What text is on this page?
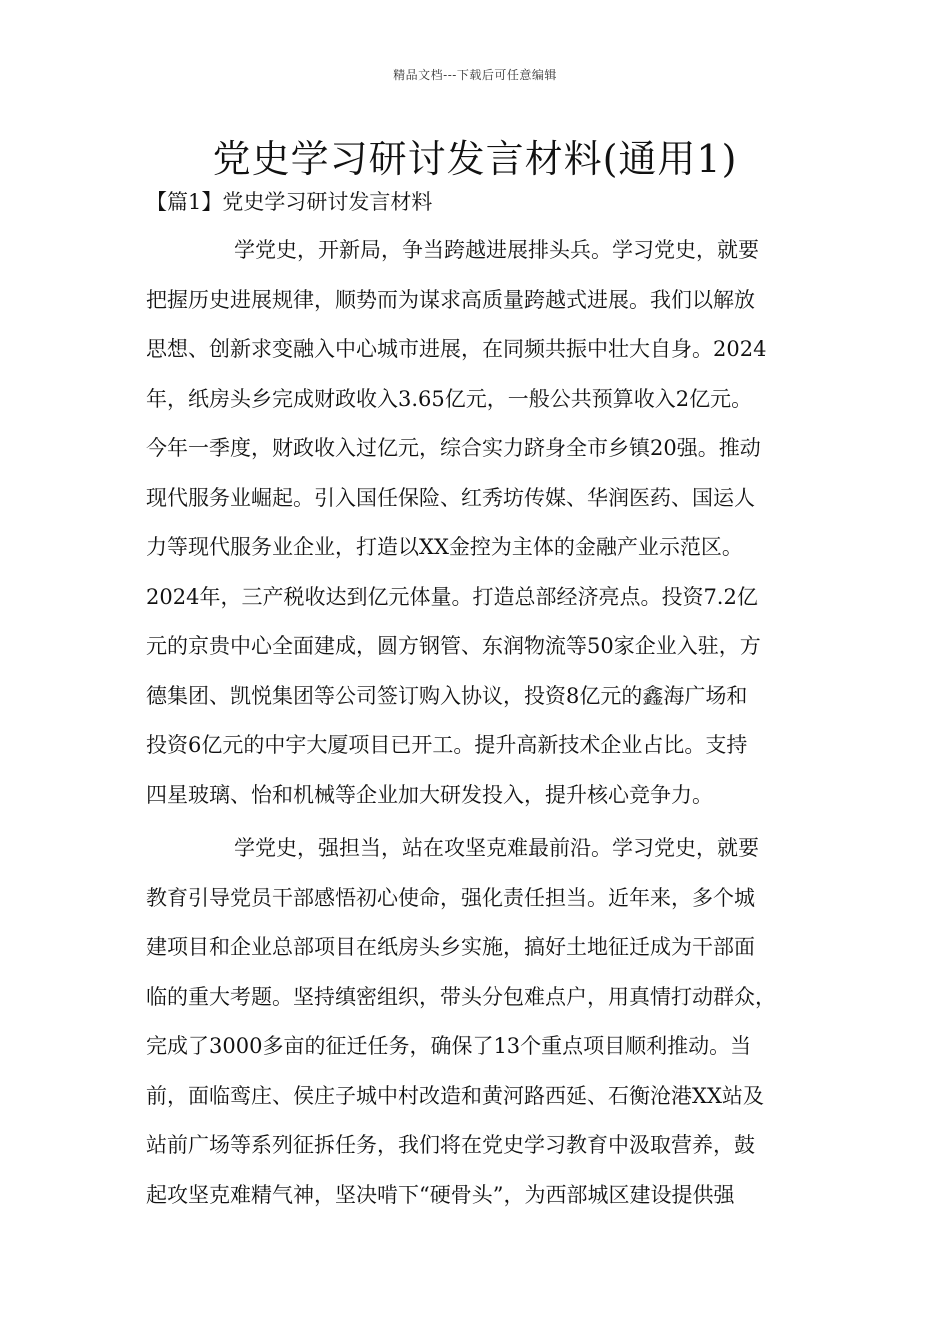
精品文档---下载后可任意编辑
党史学习研讨发言材料(通用1)
【篇1】党史学习研讨发言材料
学党史，开新局，争当跨越进展排头兵。学习党史，就要
把握历史进展规律，顺势而为谋求高质量跨越式进展。我们以解放
思想、创新求变融入中心城市进展，在同频共振中壮大自身。2024
年，纸房头乡完成财政收入3.65亿元，一般公共预算收入2亿元。
今年一季度，财政收入过亿元，综合实力跻身全市乡镇20强。推动
现代服务业崛起。引入国任保险、红秀坊传媒、华润医药、国运人
力等现代服务业企业，打造以XX金控为主体的金融产业示范区。
2024年，三产税收达到亿元体量。打造总部经济亮点。投资7.2亿
元的京贵中心全面建成，圆方钢管、东润物流等50家企业入驻，方
德集团、凯悦集团等公司签订购入协议，投资8亿元的鑫海广场和
投资6亿元的中宇大厦项目已开工。提升高新技术企业占比。支持
四星玻璃、怡和机械等企业加大研发投入，提升核心竞争力。
学党史，强担当，站在攻坚克难最前沿。学习党史，就要
教育引导党员干部感悟初心使命，强化责任担当。近年来，多个城
建项目和企业总部项目在纸房头乡实施，搞好土地征迁成为干部面
临的重大考题。坚持缜密组织，带头分包难点户，用真情打动群众，
完成了3000多亩的征迁任务，确保了13个重点项目顺利推动。当
前，面临鸾庄、侯庄子城中村改造和黄河路西延、石衡沧港XX站及
站前广场等系列征拆任务，我们将在党史学习教育中汲取营养，鼓
起攻坚克难精气神，坚决啃下“硬骨头”，为西部城区建设提供强
